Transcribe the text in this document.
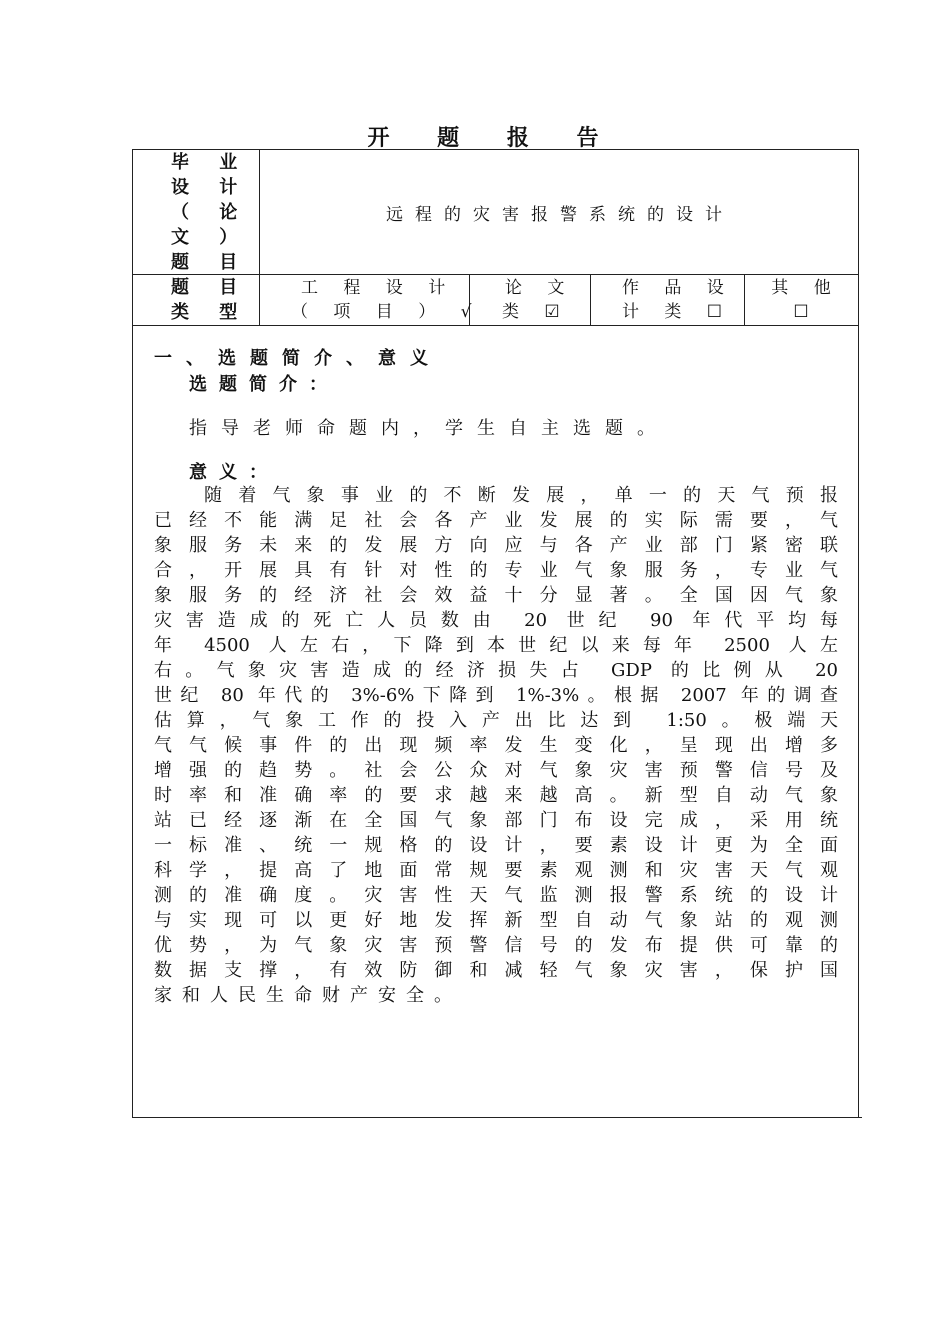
开 题 报 告
毕 业
设 计
（ 论
文 ）
题 目
远程的灾害报警系统的设计
题 目
类 型
工 程 设 计
（ 项 目 ） √
论 文
类 ☑
作 品 设
计 类 ☐
其 他
☐
一、选题简介、意义
选题简介：
指导老师命题内，学生自主选题。
意义：
随着气象事业的不断发展，单一的天气预报
已经不能满足社会各产业发展的实际需要，气
象服务未来的发展方向应与各产业部门紧密联
合，开展具有针对性的专业气象服务，专业气
象服务的经济社会效益十分显著。全国因气象
灾害造成的死亡人员数由 20 世纪 90 年代平均每
年 4500 人左右，下降到本世纪以来每年 2500 人左
右。气象灾害造成的经济损失占 GDP 的比例从 20
世纪 80 年代的 3%-6%下降到 1%-3%。根据 2007 年的调查
估算，气象工作的投入产出比达到 1:50。极端天
气气候事件的出现频率发生变化，呈现出增多
增强的趋势。社会公众对气象灾害预警信号及
时率和准确率的要求越来越高。新型自动气象
站已经逐渐在全国气象部门布设完成，采用统
一标准、统一规格的设计，要素设计更为全面
科学，提高了地面常规要素观测和灾害天气观
测的准确度。灾害性天气监测报警系统的设计
与实现可以更好地发挥新型自动气象站的观测
优势，为气象灾害预警信号的发布提供可靠的
数据支撑，有效防御和减轻气象灾害，保护国
家和人民生命财产安全。
